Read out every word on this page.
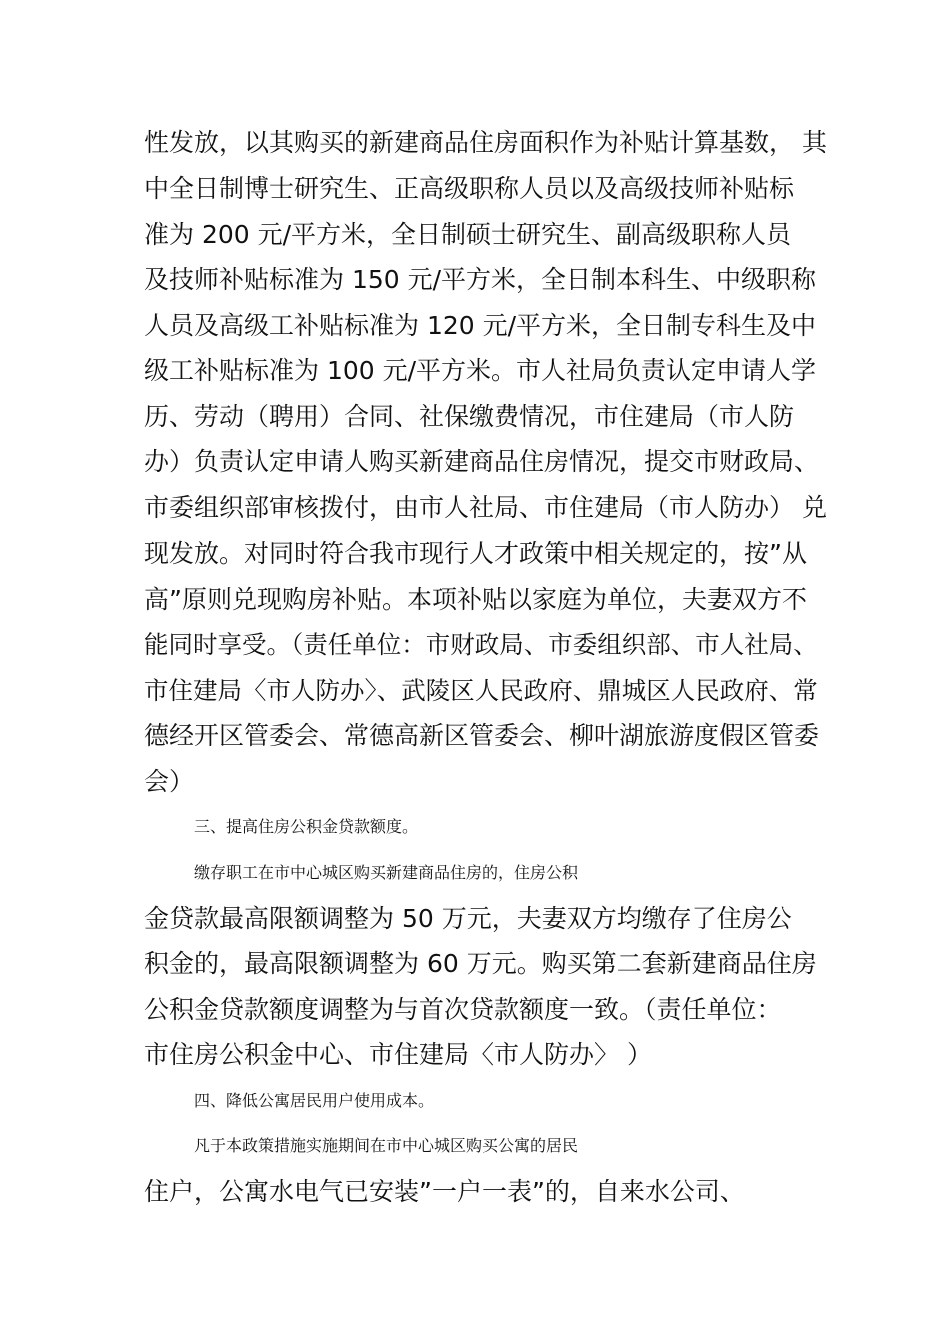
性发放，以其购买的新建商品住房面积作为补贴计算基数， 其

中全日制博士研究生、正高级职称人员以及高级技师补贴标

准为 200 元/平方米，全日制硕士研究生、副高级职称人员

及技师补贴标准为 150 元/平方米，全日制本科生、中级职称

人员及高级工补贴标准为 120 元/平方米，全日制专科生及中

级工补贴标准为 100 元/平方米。市人社局负责认定申请人学

历、劳动（聘用）合同、社保缴费情况，市住建局（市人防

办）负责认定申请人购买新建商品住房情况，提交市财政局、

市委组织部审核拨付，由市人社局、市住建局（市人防办） 兑

现发放。对同时符合我市现行人才政策中相关规定的，按”从

高”原则兑现购房补贴。本项补贴以家庭为单位，夫妻双方不

能同时享受。（责任单位：市财政局、市委组织部、市人社局、

市住建局〈市人防办〉、武陵区人民政府、鼎城区人民政府、常

德经开区管委会、常德高新区管委会、柳叶湖旅游度假区管委

会）

三、提高住房公积金贷款额度。

缴存职工在市中心城区购买新建商品住房的，住房公积

金贷款最高限额调整为 50 万元，夫妻双方均缴存了住房公

积金的，最高限额调整为 60 万元。购买第二套新建商品住房

公积金贷款额度调整为与首次贷款额度一致。（责任单位：

市住房公积金中心、市住建局〈市人防办〉 ）

四、降低公寓居民用户使用成本。

凡于本政策措施实施期间在市中心城区购买公寓的居民

住户，公寓水电气已安装”一户一表”的，自来水公司、
